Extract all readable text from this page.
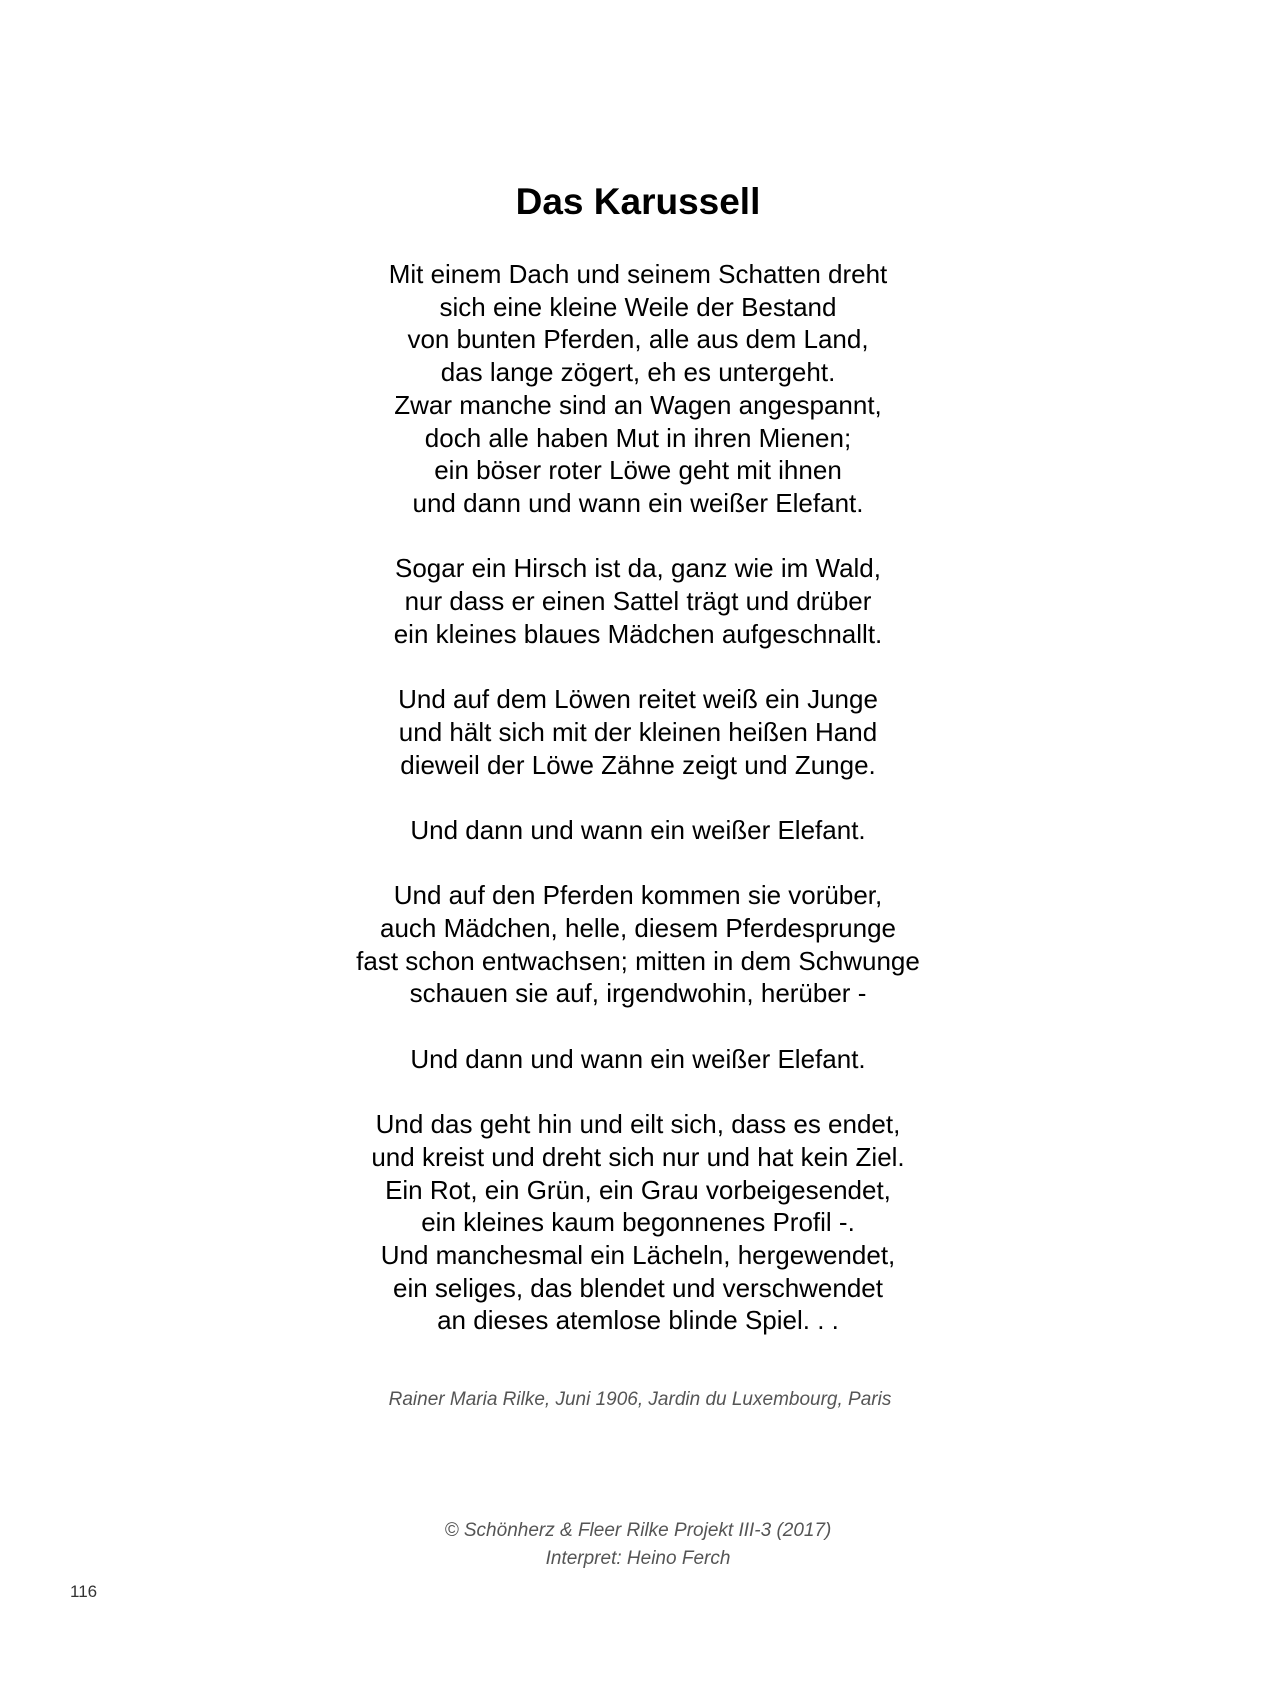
Das Karussell
Mit einem Dach und seinem Schatten dreht
sich eine kleine Weile der Bestand
von bunten Pferden, alle aus dem Land,
das lange zögert, eh es untergeht.
Zwar manche sind an Wagen angespannt,
doch alle haben Mut in ihren Mienen;
ein böser roter Löwe geht mit ihnen
und dann und wann ein weißer Elefant.
Sogar ein Hirsch ist da, ganz wie im Wald,
nur dass er einen Sattel trägt und drüber
ein kleines blaues Mädchen aufgeschnallt.
Und auf dem Löwen reitet weiß ein Junge
und hält sich mit der kleinen heißen Hand
dieweil der Löwe Zähne zeigt und Zunge.
Und dann und wann ein weißer Elefant.
Und auf den Pferden kommen sie vorüber,
auch Mädchen, helle, diesem Pferdesprunge
fast schon entwachsen; mitten in dem Schwunge
schauen sie auf, irgendwohin, herüber -
Und dann und wann ein weißer Elefant.
Und das geht hin und eilt sich, dass es endet,
und kreist und dreht sich nur und hat kein Ziel.
Ein Rot, ein Grün, ein Grau vorbeigesendet,
ein kleines kaum begonnenes Profil -.
Und manchesmal ein Lächeln, hergewendet,
ein seliges, das blendet und verschwendet
an dieses atemlose blinde Spiel. . .
Rainer Maria Rilke, Juni 1906, Jardin du Luxembourg, Paris
© Schönherz & Fleer Rilke Projekt III-3 (2017)
Interpret: Heino Ferch
116
